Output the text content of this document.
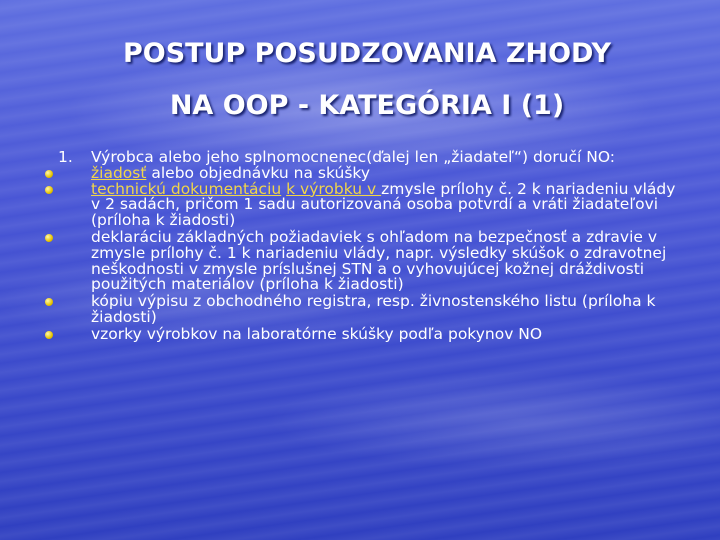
POSTUP POSUDZOVANIA ZHODY
NA OOP - KATEGÓRIA I (1)
1. Výrobca alebo jeho splnomocnenec(ďalej len „žiadateľ“) doručí NO:
žiadosť alebo objednávku na skúšky
technickú dokumentáciu k výrobku v zmysle prílohy č. 2 k nariadeniu vlády v 2 sadách, pričom 1 sadu autorizovaná osoba potvrdí a vráti žiadateľovi (príloha k žiadosti)
deklaráciu základných požiadaviek s ohľadom na bezpečnosť a zdravie v zmysle prílohy č. 1 k nariadeniu vlády, napr. výsledky skúšok o zdravotnej neškodnosti v zmysle príslušnej STN a o vyhovujúcej kožnej dráždivosti použitých materiálov (príloha k žiadosti)
kópiu výpisu z obchodného registra, resp. živnostenského listu (príloha k žiadosti)
vzorky výrobkov na laboratórne skúšky podľa pokynov NO
